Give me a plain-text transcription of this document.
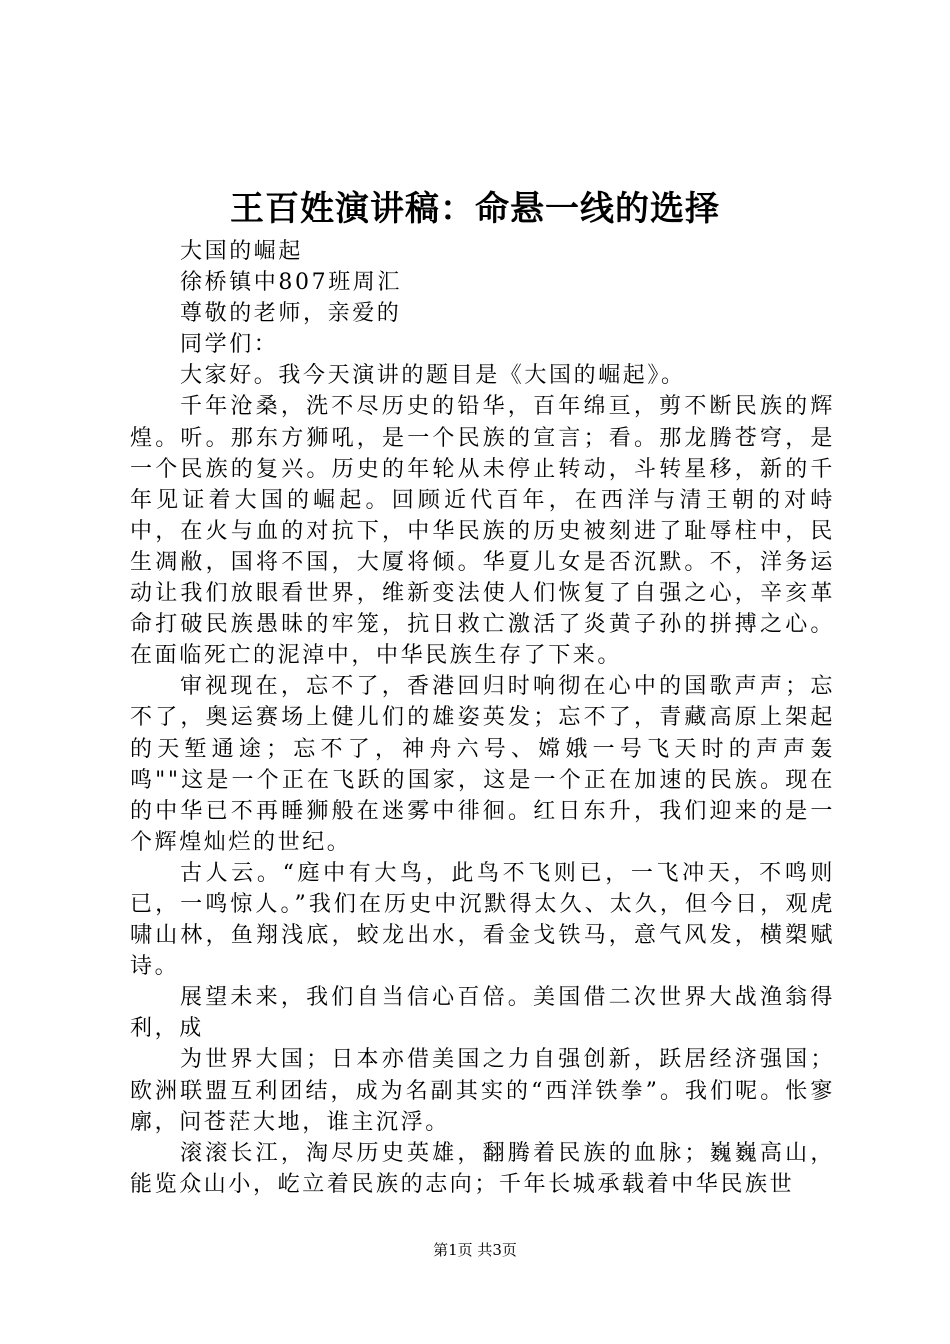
王百姓演讲稿：命悬一线的选择

大国的崛起

徐桥镇中807班周汇

尊敬的老师，亲爱的

同学们：

大家好。我今天演讲的题目是《大国的崛起》。

千年沧桑，洗不尽历史的铅华，百年绵亘，剪不断民族的辉煌。听。那东方狮吼，是一个民族的宣言；看。那龙腾苍穹，是一个民族的复兴。历史的年轮从未停止转动，斗转星移，新的千年见证着大国的崛起。回顾近代百年，在西洋与清王朝的对峙中，在火与血的对抗下，中华民族的历史被刻进了耻辱柱中，民生凋敝，国将不国，大厦将倾。华夏儿女是否沉默。不，洋务运动让我们放眼看世界，维新变法使人们恢复了自强之心，辛亥革命打破民族愚昧的牢笼，抗日救亡激活了炎黄子孙的拼搏之心。在面临死亡的泥淖中，中华民族生存了下来。

审视现在，忘不了，香港回归时响彻在心中的国歌声声；忘不了，奥运赛场上健儿们的雄姿英发；忘不了，青藏高原上架起的天堑通途；忘不了，神舟六号、嫦娥一号飞天时的声声轰鸣""这是一个正在飞跃的国家，这是一个正在加速的民族。现在的中华已不再睡狮般在迷雾中徘徊。红日东升，我们迎来的是一个辉煌灿烂的世纪。

古人云。“庭中有大鸟，此鸟不飞则已，一飞冲天，不鸣则已，一鸣惊人。”我们在历史中沉默得太久、太久，但今日，观虎啸山林，鱼翔浅底，蛟龙出水，看金戈铁马，意气风发，横槊赋诗。

展望未来，我们自当信心百倍。美国借二次世界大战渔翁得利，成

为世界大国；日本亦借美国之力自强创新，跃居经济强国；欧洲联盟互利团结，成为名副其实的“西洋铁拳”。我们呢。怅寥廓，问苍茫大地，谁主沉浮。

滚滚长江，淘尽历史英雄，翻腾着民族的血脉；巍巍高山，能览众山小，屹立着民族的志向；千年长城承载着中华民族世

第1页 共3页
